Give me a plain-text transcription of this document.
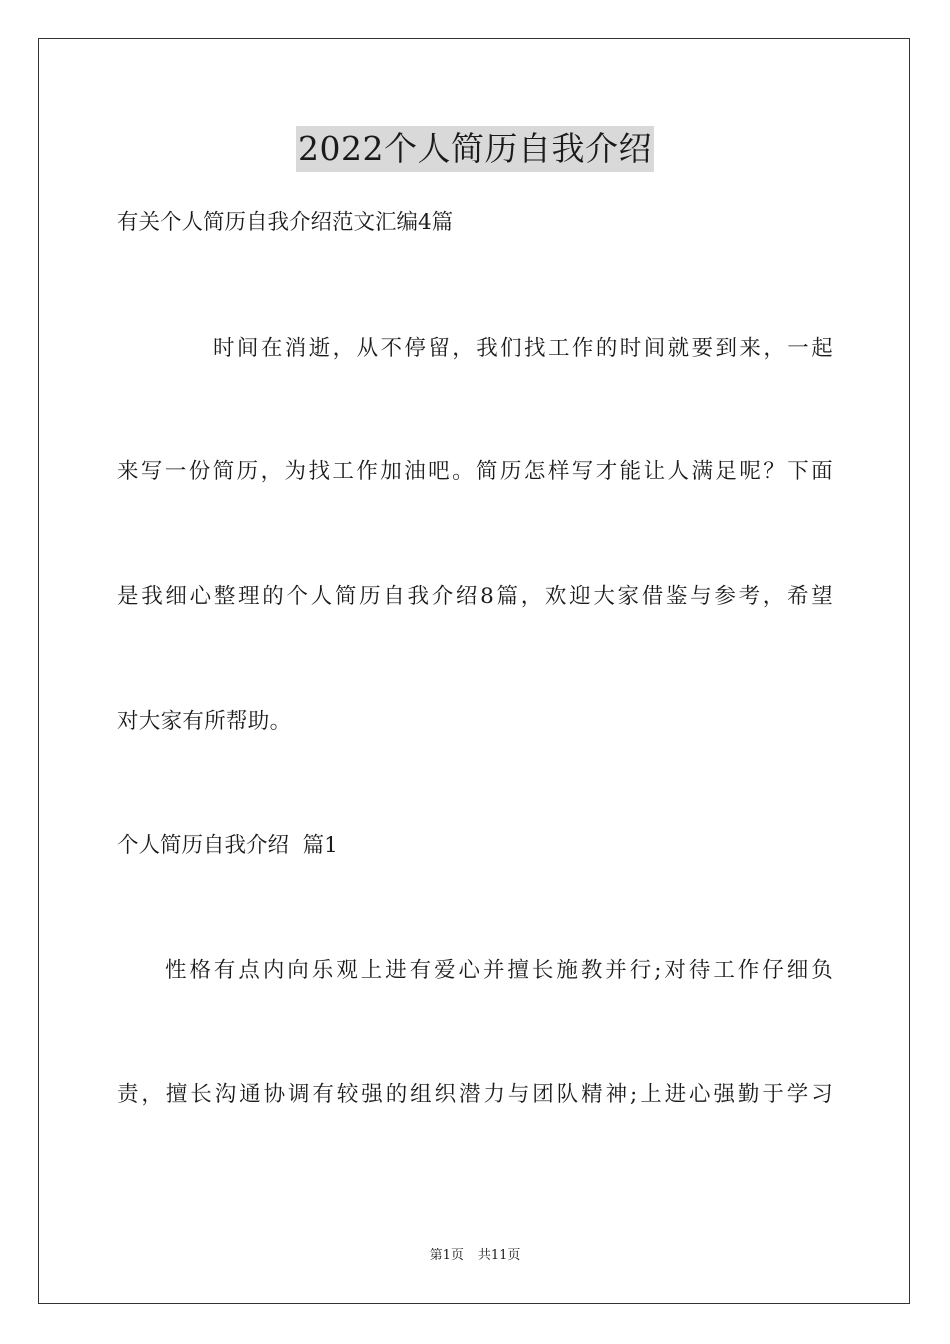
2022个人简历自我介绍
有关个人简历自我介绍范文汇编4篇
时间在消逝，从不停留，我们找工作的时间就要到来，一起
来写一份简历，为找工作加油吧。简历怎样写才能让人满足呢？下面
是我细心整理的个人简历自我介绍8篇，欢迎大家借鉴与参考，希望
对大家有所帮助。
个人简历自我介绍  篇1
性格有点内向乐观上进有爱心并擅长施教并行;对待工作仔细负
责，擅长沟通协调有较强的组织潜力与团队精神;上进心强勤于学习
第1页 共11页
